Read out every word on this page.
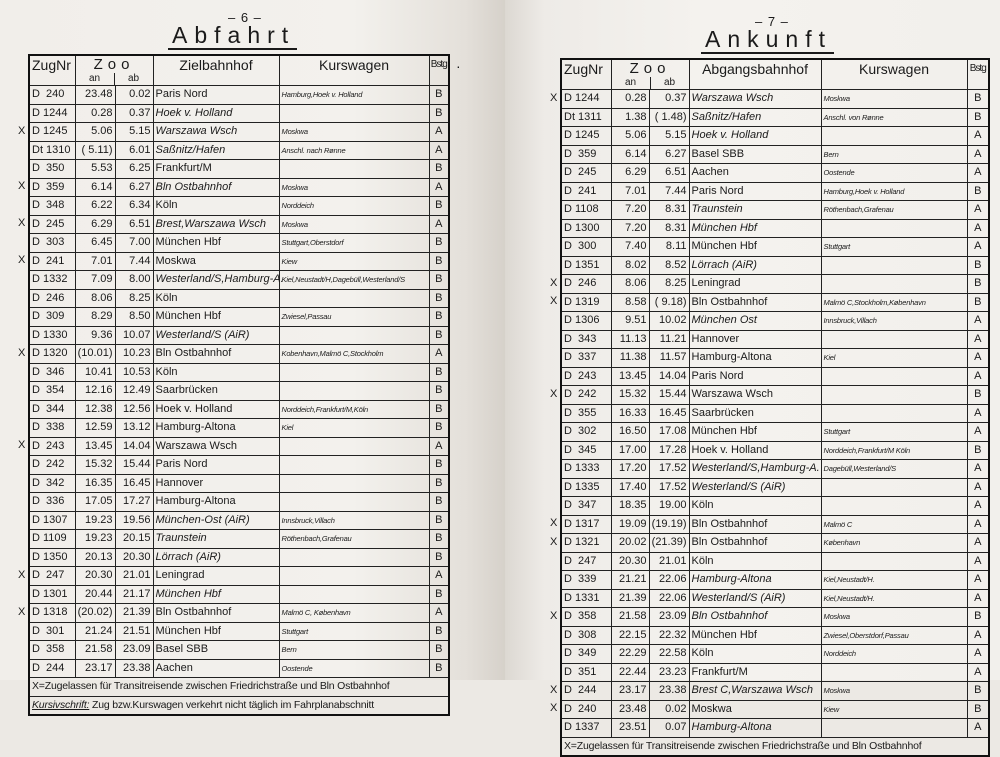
– 6 –
Abfahrt
·
X
X
X
X
X
X
X
X
ZugNr	Zoo
an ab		Zielbahnhof	Kurswagen	Bstg
D  240	23.48	0.02	Paris Nord	Hamburg,Hoek v. Holland	B
D 1244	0.28	0.37	Hoek v. Holland		B
D 1245	5.06	5.15	Warszawa Wsch	Moskwa	A
Dt 1310	( 5.11)	6.01	Saßnitz/Hafen	Anschl. nach Rønne	A
D  350	5.53	6.25	Frankfurt/M		B
D  359	6.14	6.27	Bln Ostbahnhof	Moskwa	A
D  348	6.22	6.34	Köln	Norddeich	B
D  245	6.29	6.51	Brest,Warszawa Wsch	Moskwa	A
D  303	6.45	7.00	München Hbf	Stuttgart,Oberstdorf	B
D  241	7.01	7.44	Moskwa	Kiew	B
D 1332	7.09	8.00	Westerland/S,Hamburg-A.	Kiel,Neustadt/H,Dagebüll,Westerland/S	B
D  246	8.06	8.25	Köln		B
D  309	8.29	8.50	München Hbf	Zwiesel,Passau	B
D 1330	9.36	10.07	Westerland/S (AiR)		B
D 1320	(10.01)	10.23	Bln Ostbahnhof	Kobenhavn,Malmö C,Stockholm	A
D  346	10.41	10.53	Köln		B
D  354	12.16	12.49	Saarbrücken		B
D  344	12.38	12.56	Hoek v. Holland	Norddeich,Frankfurt/M,Köln	B
D  338	12.59	13.12	Hamburg-Altona	Kiel	B
D  243	13.45	14.04	Warszawa Wsch		A
D  242	15.32	15.44	Paris Nord		B
D  342	16.35	16.45	Hannover		B
D  336	17.05	17.27	Hamburg-Altona		B
D 1307	19.23	19.56	München-Ost (AiR)	Innsbruck,Villach	B
D 1109	19.23	20.15	Traunstein	Röthenbach,Grafenau	B
D 1350	20.13	20.30	Lörrach (AiR)		B
D  247	20.30	21.01	Leningrad		A
D 1301	20.44	21.17	München Hbf		B
D 1318	(20.02)	21.39	Bln Ostbahnhof	Malmö C, København	A
D  301	21.24	21.51	München Hbf	Stuttgart	B
D  358	21.58	23.09	Basel SBB	Bern	B
D  244	23.17	23.38	Aachen	Oostende	B
X=Zugelassen für Transitreisende zwischen Friedrichstraße und Bln Ostbahnhof					
Kursivschrift: Zug bzw.Kurswagen verkehrt nicht täglich im Fahrplanabschnitt					
– 7 –
Ankunft
X
X
X
X
X
X
X
X
X
ZugNr	Zoo
an ab		Abgangsbahnhof	Kurswagen	Bstg
D 1244	0.28	0.37	Warszawa Wsch	Moskwa	B
Dt 1311	1.38	( 1.48)	Saßnitz/Hafen	Anschl. von Rønne	B
D 1245	5.06	5.15	Hoek v. Holland		A
D  359	6.14	6.27	Basel SBB	Bern	A
D  245	6.29	6.51	Aachen	Oostende	A
D  241	7.01	7.44	Paris Nord	Hamburg,Hoek v. Holland	B
D 1108	7.20	8.31	Traunstein	Röthenbach,Grafenau	A
D 1300	7.20	8.31	München Hbf		A
D  300	7.40	8.11	München Hbf	Stuttgart	A
D 1351	8.02	8.52	Lörrach (AiR)		B
D  246	8.06	8.25	Leningrad		B
D 1319	8.58	( 9.18)	Bln Ostbahnhof	Malmö C,Stockholm,København	B
D 1306	9.51	10.02	München Ost	Innsbruck,Villach	A
D  343	11.13	11.21	Hannover		A
D  337	11.38	11.57	Hamburg-Altona	Kiel	A
D  243	13.45	14.04	Paris Nord		A
D  242	15.32	15.44	Warszawa Wsch		B
D  355	16.33	16.45	Saarbrücken		A
D  302	16.50	17.08	München Hbf	Stuttgart	A
D  345	17.00	17.28	Hoek v. Holland	Norddeich,Frankfurt/M Köln	B
D 1333	17.20	17.52	Westerland/S,Hamburg-A.	Dagebüll,Westerland/S	A
D 1335	17.40	17.52	Westerland/S (AiR)		A
D  347	18.35	19.00	Köln		A
D 1317	19.09	(19.19)	Bln Ostbahnhof	Malmö C	A
D 1321	20.02	(21.39)	Bln Ostbahnhof	København	A
D  247	20.30	21.01	Köln		A
D  339	21.21	22.06	Hamburg-Altona	Kiel,Neustadt/H.	A
D 1331	21.39	22.06	Westerland/S (AiR)	Kiel,Neustadt/H.	A
D  358	21.58	23.09	Bln Ostbahnhof	Moskwa	B
D  308	22.15	22.32	München Hbf	Zwiesel,Oberstdorf,Passau	A
D  349	22.29	22.58	Köln	Norddeich	A
D  351	22.44	23.23	Frankfurt/M		A
D  244	23.17	23.38	Brest C,Warszawa Wsch	Moskwa	B
D  240	23.48	0.02	Moskwa	Kiew	B
D 1337	23.51	0.07	Hamburg-Altona		A
X=Zugelassen für Transitreisende zwischen Friedrichstraße und Bln Ostbahnhof					
